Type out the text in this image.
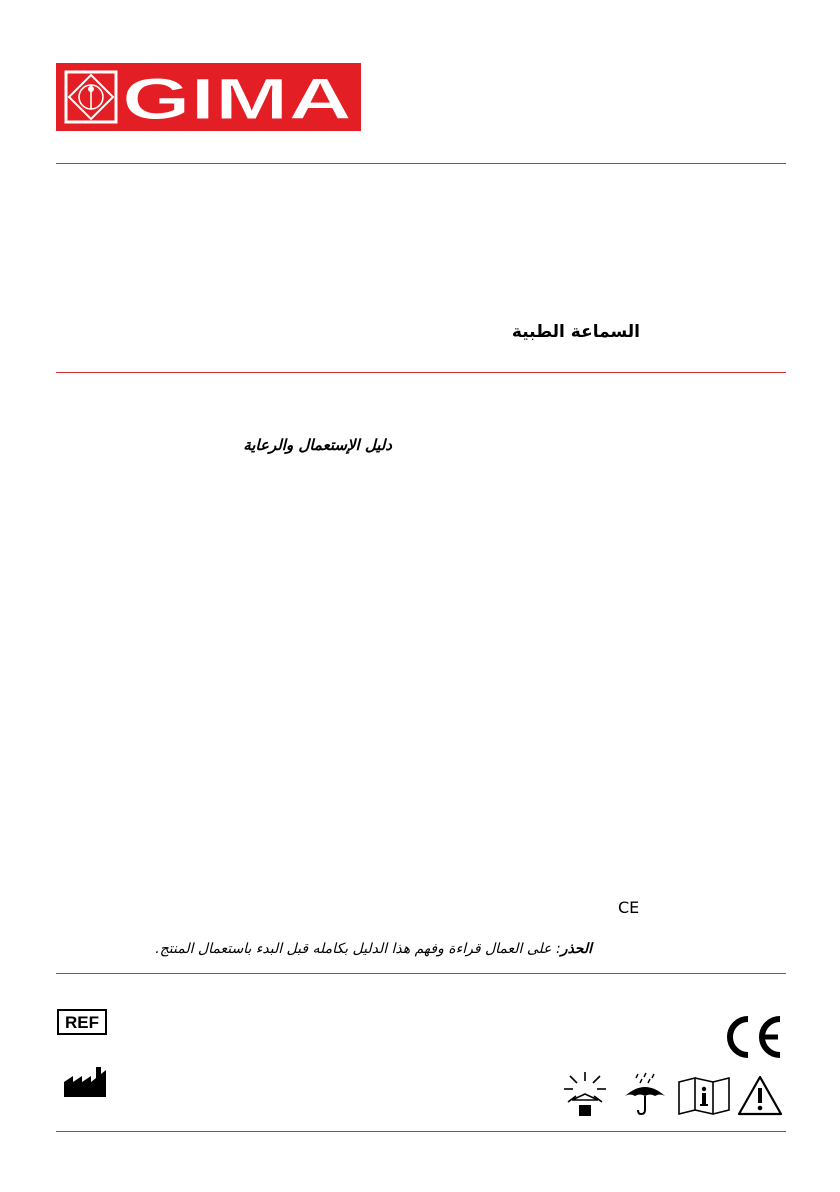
GIMA
السماعة الطبية
دليل الإستعمال والرعاية
الحذر: على العمال قراءة وفهم هذا الدليل بكامله قبل البدء باستعمال المنتج.
REF
CE
